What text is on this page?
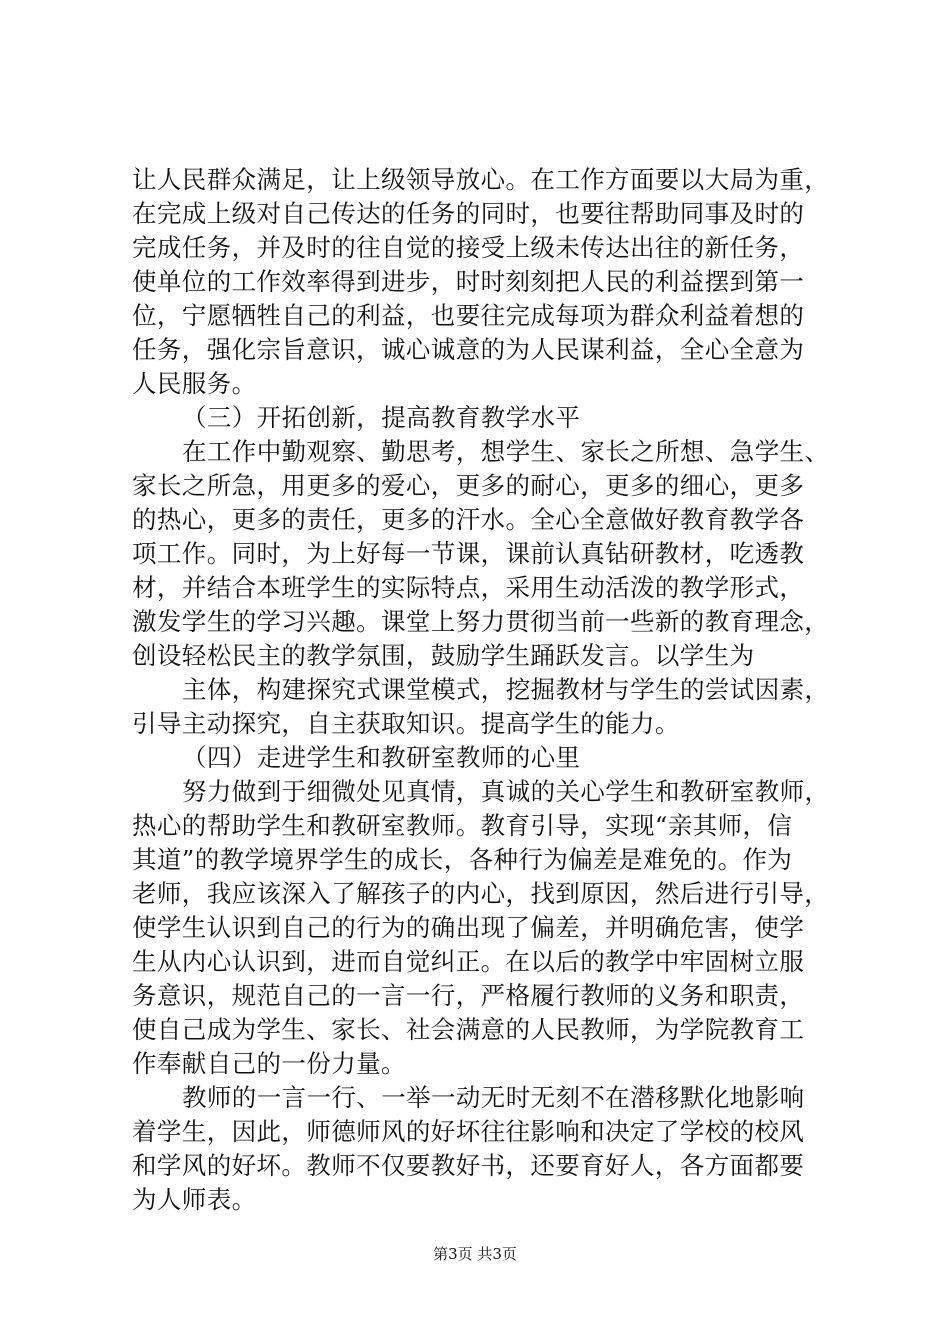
让人民群众满足，让上级领导放心。在工作方面要以大局为重，
在完成上级对自己传达的任务的同时，也要往帮助同事及时的
完成任务，并及时的往自觉的接受上级未传达出往的新任务，
使单位的工作效率得到进步，时时刻刻把人民的利益摆到第一
位，宁愿牺牲自己的利益，也要往完成每项为群众利益着想的
任务，强化宗旨意识，诚心诚意的为人民谋利益，全心全意为
人民服务。
（三）开拓创新，提高教育教学水平
在工作中勤观察、勤思考，想学生、家长之所想、急学生、
家长之所急，用更多的爱心，更多的耐心，更多的细心，更多
的热心，更多的责任，更多的汗水。全心全意做好教育教学各
项工作。同时，为上好每一节课，课前认真钻研教材，吃透教
材，并结合本班学生的实际特点，采用生动活泼的教学形式，
激发学生的学习兴趣。课堂上努力贯彻当前一些新的教育理念，
创设轻松民主的教学氛围，鼓励学生踊跃发言。以学生为
主体，构建探究式课堂模式，挖掘教材与学生的尝试因素，
引导主动探究，自主获取知识。提高学生的能力。
（四）走进学生和教研室教师的心里
努力做到于细微处见真情，真诚的关心学生和教研室教师，
热心的帮助学生和教研室教师。教育引导，实现“亲其师，信
其道”的教学境界学生的成长，各种行为偏差是难免的。作为
老师，我应该深入了解孩子的内心，找到原因，然后进行引导，
使学生认识到自己的行为的确出现了偏差，并明确危害，使学
生从内心认识到，进而自觉纠正。在以后的教学中牢固树立服
务意识，规范自己的一言一行，严格履行教师的义务和职责，
使自己成为学生、家长、社会满意的人民教师，为学院教育工
作奉献自己的一份力量。
教师的一言一行、一举一动无时无刻不在潜移默化地影响
着学生，因此，师德师风的好坏往往影响和决定了学校的校风
和学风的好坏。教师不仅要教好书，还要育好人，各方面都要
为人师表。
第3页 共3页
